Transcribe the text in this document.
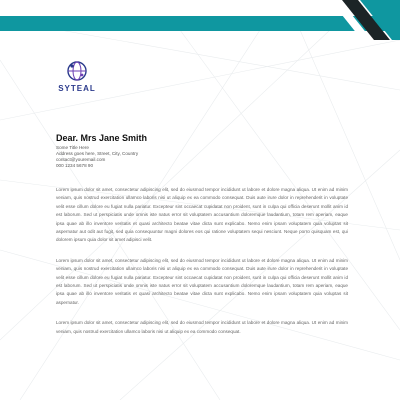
SYTEAL

Dear. Mrs Jane Smith

Some Title Here

Address goes here, Street, City, Country

contact@youremail.com

000 1234 5678 90

Lorem ipsum dolor sit amet, consectetur adipiscing elit, sed do eiusmod tempor incididunt ut labore et dolore magna aliqua. Ut enim ad minim veniam, quis nostrud exercitation ullamco laboris nisi ut aliquip ex ea commodo consequat. Duis aute irure dolor in reprehenderit in voluptate velit esse cillum dolore eu fugiat nulla pariatur. Excepteur sint occaecat cupidatat non proident, sunt in culpa qui officia deserunt mollit anim id est laborum. Sed ut perspiciatis unde omnis iste natus error sit voluptatem accusantium doloremque laudantium, totam rem aperiam, eaque ipsa quae ab illo inventore veritatis et quasi architecto beatae vitae dicta sunt explicabo. Nemo enim ipsam voluptatem quia voluptas sit aspernatur aut odit aut fugit, sed quia consequuntur magni dolores eos qui ratione voluptatem sequi nesciunt. Neque porro quisquam est, qui dolorem ipsum quia dolor sit amet adipisci velit.

Lorem ipsum dolor sit amet, consectetur adipiscing elit, sed do eiusmod tempor incididunt ut labore et dolore magna aliqua. Ut enim ad minim veniam, quis nostrud exercitation ullamco laboris nisi ut aliquip ex ea commodo consequat. Duis aute irure dolor in reprehenderit in voluptate velit esse cillum dolore eu fugiat nulla pariatur. Excepteur sint occaecat cupidatat non proident, sunt in culpa qui officia deserunt mollit anim id est laborum. Sed ut perspiciatis unde omnis iste natus error sit voluptatem accusantium doloremque laudantium, totam rem aperiam, eaque ipsa quae ab illo inventore veritatis et quasi architecto beatae vitae dicta sunt explicabo. Nemo enim ipsam voluptatem quia voluptas sit aspernatur.

Lorem ipsum dolor sit amet, consectetur adipiscing elit, sed do eiusmod tempor incididunt ut labore et dolore magna aliqua. Ut enim ad minim veniam, quis nostrud exercitation ullamco laboris nisi ut aliquip ex ea commodo consequat.
